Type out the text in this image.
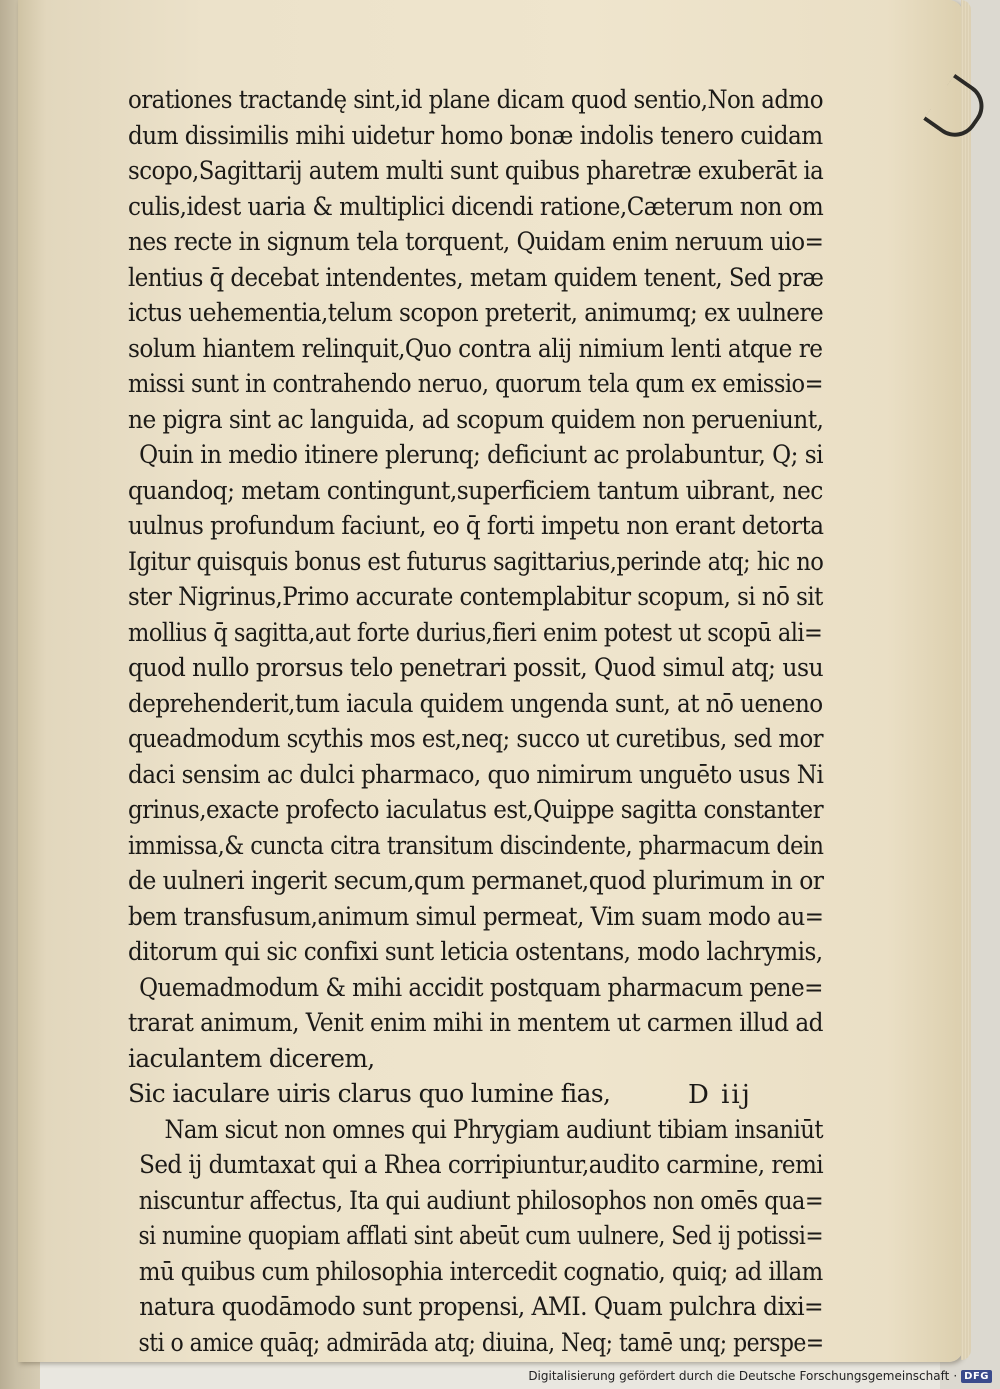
orationes tractandę sint,id plane dicam quod sentio,Non admo
dum dissimilis mihi uidetur homo bonæ indolis tenero cuidam
scopo,Sagittarij autem multi sunt quibus pharetræ exuberāt ia
culis,idest uaria & multiplici dicendi ratione,Cæterum non om
nes recte in signum tela torquent, Quidam enim neruum uio=
lentius q̄ decebat intendentes, metam quidem tenent, Sed præ
ictus uehementia,telum scopon preterit, animumq; ex uulnere
solum hiantem relinquit,Quo contra alij nimium lenti atque re
missi sunt in contrahendo neruo, quorum tela qum ex emissio=
ne pigra sint ac languida, ad scopum quidem non perueniunt,
Quin in medio itinere plerunq; deficiunt ac prolabuntur, Q; si
quandoq; metam contingunt,superficiem tantum uibrant, nec
uulnus profundum faciunt, eo q̄ forti impetu non erant detorta
Igitur quisquis bonus est futurus sagittarius,perinde atq; hic no
ster Nigrinus,Primo accurate contemplabitur scopum, si nō sit
mollius q̄ sagitta,aut forte durius,fieri enim potest ut scopū ali=
quod nullo prorsus telo penetrari possit, Quod simul atq; usu
deprehenderit,tum iacula quidem ungenda sunt, at nō ueneno
queadmodum scythis mos est,neq; succo ut curetibus, sed mor
daci sensim ac dulci pharmaco, quo nimirum unguēto usus Ni
grinus,exacte profecto iaculatus est,Quippe sagitta constanter
immissa,& cuncta citra transitum discindente, pharmacum dein
de uulneri ingerit secum,qum permanet,quod plurimum in or
bem transfusum,animum simul permeat, Vim suam modo au=
ditorum qui sic confixi sunt leticia ostentans, modo lachrymis,
Quemadmodum & mihi accidit postquam pharmacum pene=
trarat animum, Venit enim mihi in mentem ut carmen illud ad
iaculantem dicerem,
Sic iaculare uiris clarus quo lumine fias,
Nam sicut non omnes qui Phrygiam audiunt tibiam insaniūt
Sed ij dumtaxat qui a Rhea corripiuntur,audito carmine, remi
niscuntur affectus, Ita qui audiunt philosophos non omēs qua=
si numine quopiam afflati sint abeūt cum uulnere, Sed ij potissi=
mū quibus cum philosophia intercedit cognatio, quiq; ad illam
natura quodāmodo sunt propensi, AMI. Quam pulchra dixi=
sti o amice quāq; admirāda atq; diuina, Neq; tamē unq; perspe=
D iij
Digitalisierung gefördert durch die Deutsche Forschungsgemeinschaft · DFG
